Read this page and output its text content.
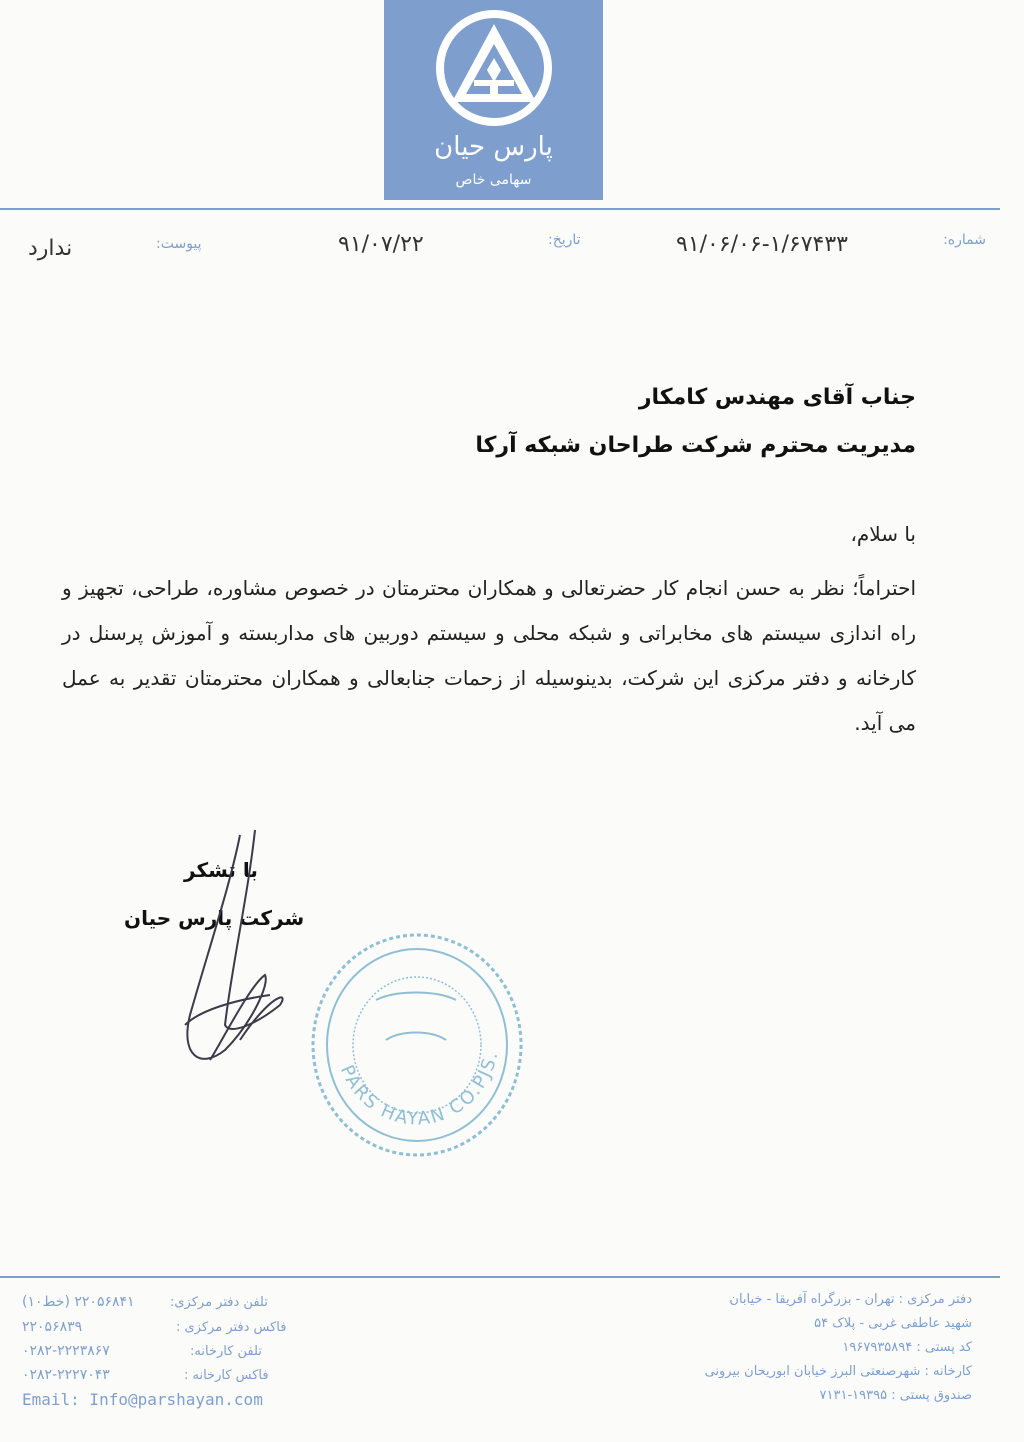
پارس حیان
سهامی خاص
شماره:
۹۱/۰۶/۰۶-۱/۶۷۴۳۳
تاریخ:
۹۱/۰۷/۲۲
پیوست:
ندارد
جناب آقای مهندس کامکار
مدیریت محترم شرکت طراحان شبکه آرکا
با سلام،
احتراماً؛ نظر به حسن انجام کار حضرتعالی و همکاران محترمتان در خصوص مشاوره، طراحی، تجهیز و راه اندازی سیستم های مخابراتی و شبکه محلی و سیستم دوربین های مداربسته و آموزش پرسنل در کارخانه و دفتر مرکزی این شرکت، بدینوسیله از زحمات جنابعالی و همکاران محترمتان تقدیر به عمل می آید.
با تشکر
شرکت پارس حیان
PARS HAYAN CO.PJS.
تلفن دفتر مرکزی:
(۱۰خط) ۲۲۰۵۶۸۴۱
فاکس دفتر مرکزی :
۲۲۰۵۶۸۳۹
تلفن کارخانه:
۰۲۸۲-۲۲۲۳۸۶۷
فاکس کارخانه :
۰۲۸۲-۲۲۲۷۰۴۳
Email: Info@parshayan.com
دفتر مرکزی : تهران - بزرگراه آفریقا - خیابان
شهید عاطفی غربی - پلاک ۵۴
کد پستی : ۱۹۶۷۹۳۵۸۹۴
کارخانه : شهرصنعتی البرز خیابان ابوریحان بیرونی
صندوق پستی : ۱۹۳۹۵-۷۱۳۱
